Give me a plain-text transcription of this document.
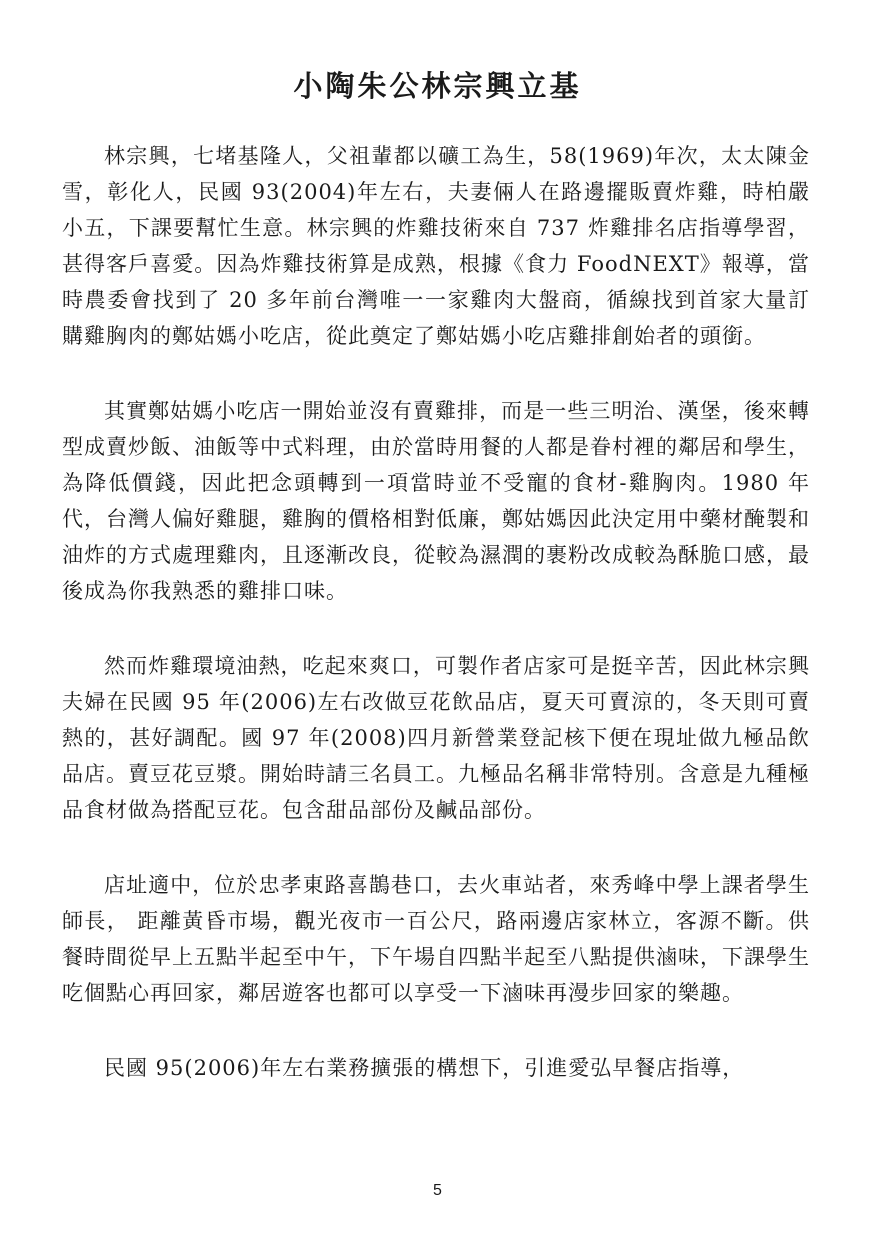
小陶朱公林宗興立基

林宗興，七堵基隆人，父祖輩都以礦工為生，58(1969)年次，太太陳金雪，彰化人，民國 93(2004)年左右，夫妻倆人在路邊擺販賣炸雞，時柏嚴小五，下課要幫忙生意。林宗興的炸雞技術來自 737 炸雞排名店指導學習，甚得客戶喜愛。因為炸雞技術算是成熟，根據《食力 FoodNEXT》報導，當時農委會找到了 20 多年前台灣唯一一家雞肉大盤商，循線找到首家大量訂購雞胸肉的鄭姑媽小吃店，從此奠定了鄭姑媽小吃店雞排創始者的頭銜。

其實鄭姑媽小吃店一開始並沒有賣雞排，而是一些三明治、漢堡，後來轉型成賣炒飯、油飯等中式料理，由於當時用餐的人都是眷村裡的鄰居和學生，為降低價錢，因此把念頭轉到一項當時並不受寵的食材-雞胸肉。1980 年代，台灣人偏好雞腿，雞胸的價格相對低廉，鄭姑媽因此決定用中藥材醃製和油炸的方式處理雞肉，且逐漸改良，從較為濕潤的裹粉改成較為酥脆口感，最後成為你我熟悉的雞排口味。

然而炸雞環境油熱，吃起來爽口，可製作者店家可是挺辛苦，因此林宗興夫婦在民國 95 年(2006)左右改做豆花飲品店，夏天可賣涼的，冬天則可賣熱的，甚好調配。國 97 年(2008)四月新營業登記核下便在現址做九極品飲品店。賣豆花豆漿。開始時請三名員工。九極品名稱非常特別。含意是九種極品食材做為搭配豆花。包含甜品部份及鹹品部份。

店址適中，位於忠孝東路喜鵲巷口，去火車站者，來秀峰中學上課者學生師長， 距離黃昏市場，觀光夜市一百公尺，路兩邊店家林立，客源不斷。供餐時間從早上五點半起至中午，下午場自四點半起至八點提供滷味，下課學生吃個點心再回家，鄰居遊客也都可以享受一下滷味再漫步回家的樂趣。

民國 95(2006)年左右業務擴張的構想下，引進愛弘早餐店指導，

5
